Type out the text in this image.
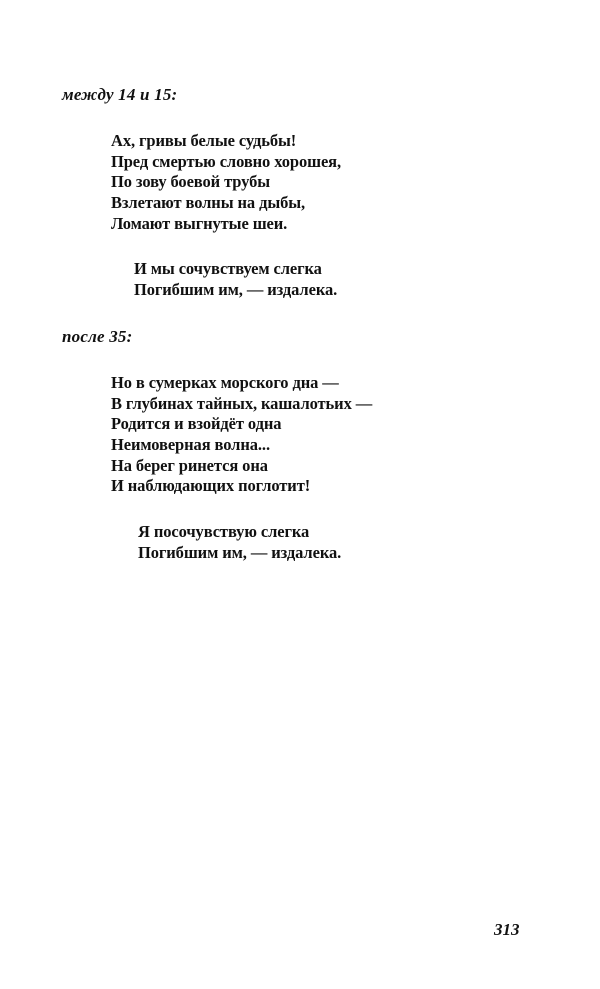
между 14 и 15:
Ах, гривы белые судьбы!
Пред смертью словно хорошея,
По зову боевой трубы
Взлетают волны на дыбы,
Ломают выгнутые шеи.
И мы сочувствуем слегка
Погибшим им, — издалека.
после 35:
Но в сумерках морского дна —
В глубинах тайных, кашалотьих —
Родится и взойдёт одна
Неимоверная волна...
На берег ринется она
И наблюдающих поглотит!
Я посочувствую слегка
Погибшим им, — издалека.
313
